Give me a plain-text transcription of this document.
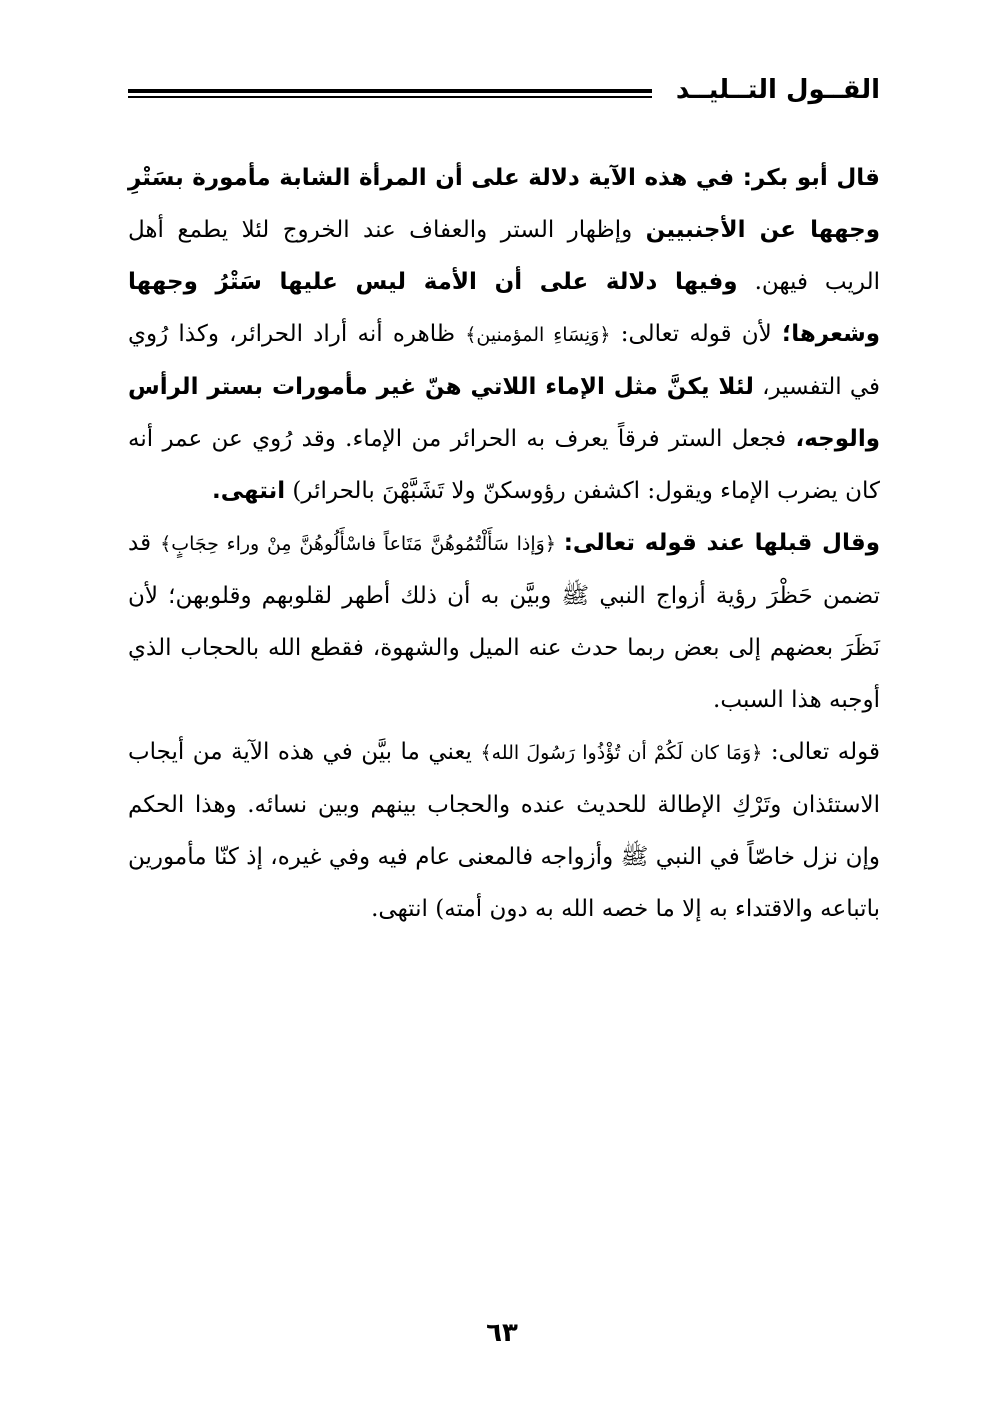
القــول التــليــد

قال أبو بكر: في هذه الآية دلالة على أن المرأة الشابة مأمورة بسَتْرِ وجهها عن الأجنبيين وإظهار الستر والعفاف عند الخروج لئلا يطمع أهل الريب فيهن. وفيها دلالة على أن الأمة ليس عليها سَتْرُ وجهها وشعرها؛ لأن قوله تعالى: ﴿وَنِسَاءِ المؤمنين﴾ ظاهره أنه أراد الحرائر، وكذا رُوي في التفسير، لئلا يكنَّ مثل الإماء اللاتي هنّ غير مأمورات بستر الرأس والوجه، فجعل الستر فرقاً يعرف به الحرائر من الإماء. وقد رُوي عن عمر أنه كان يضرب الإماء ويقول: اكشفن رؤوسكنّ ولا تَشَبَّهْنَ بالحرائر) انتهى.

وقال قبلها عند قوله تعالى: ﴿وَإذا سَأَلْتُمُوهُنَّ مَتَاعاً فاسْأَلُوهُنَّ مِنْ وراء حِجَابٍ﴾ قد تضمن حَظْرَ رؤية أزواج النبي ﷺ وبيَّن به أن ذلك أطهر لقلوبهم وقلوبهن؛ لأن نَظَرَ بعضهم إلى بعض ربما حدث عنه الميل والشهوة، فقطع الله بالحجاب الذي أوجبه هذا السبب.

قوله تعالى: ﴿وَمَا كان لَكُمْ أن تُؤْذُوا رَسُولَ الله﴾ يعني ما بيَّن في هذه الآية من أيجاب الاستئذان وتَرْكِ الإطالة للحديث عنده والحجاب بينهم وبين نسائه. وهذا الحكم وإن نزل خاصّاً في النبي ﷺ وأزواجه فالمعنى عام فيه وفي غيره، إذ كنّا مأمورين باتباعه والاقتداء به إلا ما خصه الله به دون أمته) انتهى.

٦٣
